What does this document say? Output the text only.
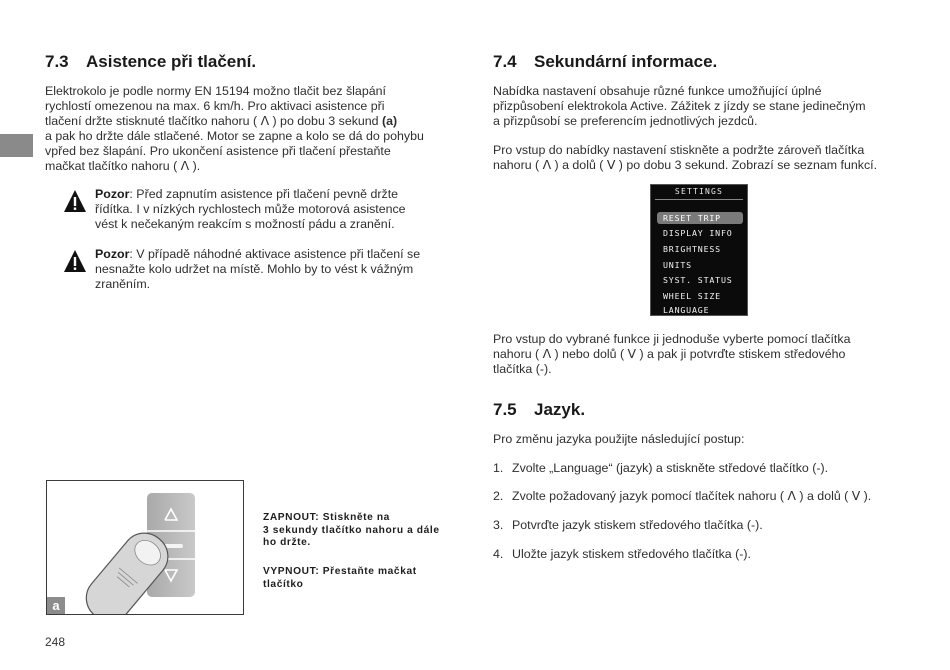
7.3 Asistence při tlačení.
Elektrokolo je podle normy EN 15194 možno tlačit bez šlapání
rychlostí omezenou na max. 6 km/h. Pro aktivaci asistence při
tlačení držte stisknuté tlačítko nahoru ( ᐱ ) po dobu 3 sekund (a)
a pak ho držte dále stlačené. Motor se zapne a kolo se dá do pohybu
vpřed bez šlapání. Pro ukončení asistence při tlačení přestaňte
mačkat tlačítko nahoru ( ᐱ ).
Pozor: Před zapnutím asistence při tlačení pevně držte
řídítka. I v nízkých rychlostech může motorová asistence
vést k nečekaným reakcím s možností pádu a zranění.
Pozor: V případě náhodné aktivace asistence při tlačení se
nesnažte kolo udržet na místě. Mohlo by to vést k vážným
zraněním.
a
ZAPNOUT: Stiskněte na
3 sekundy tlačítko nahoru a dále
ho držte.
VYPNOUT: Přestaňte mačkat
tlačítko
248
7.4 Sekundární informace.
Nabídka nastavení obsahuje různé funkce umožňující úplné
přizpůsobení elektrokola Active. Zážitek z jízdy se stane jedinečným
a přizpůsobí se preferencím jednotlivých jezdců.
Pro vstup do nabídky nastavení stiskněte a podržte zároveň tlačítka
nahoru ( ᐱ ) a dolů ( ᐯ ) po dobu 3 sekund. Zobrazí se seznam funkcí.
SETTINGS
RESET TRIP
DISPLAY INFO
BRIGHTNESS
UNITS
SYST. STATUS
WHEEL SIZE
LANGUAGE
Pro vstup do vybrané funkce ji jednoduše vyberte pomocí tlačítka
nahoru ( ᐱ ) nebo dolů ( ᐯ ) a pak ji potvrďte stiskem středového
tlačítka (-).
7.5 Jazyk.
Pro změnu jazyka použijte následující postup:
1. Zvolte „Language“ (jazyk) a stiskněte středové tlačítko (-).
2. Zvolte požadovaný jazyk pomocí tlačítek nahoru ( ᐱ ) a dolů ( ᐯ ).
3. Potvrďte jazyk stiskem středového tlačítka (-).
4. Uložte jazyk stiskem středového tlačítka (-).
